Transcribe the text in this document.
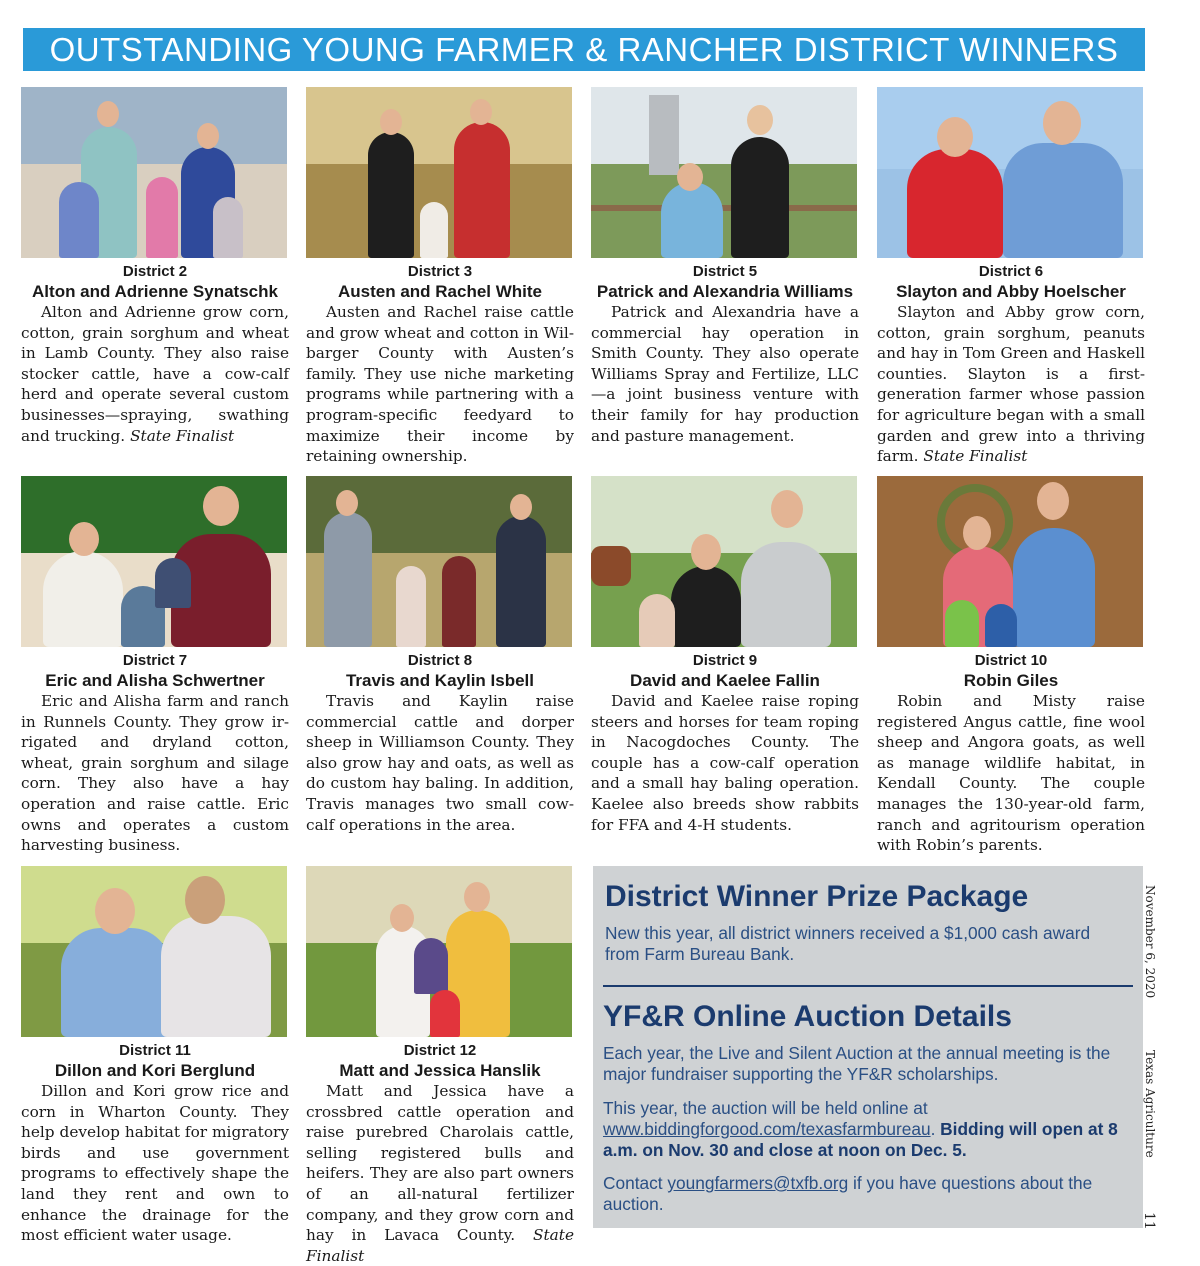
OUTSTANDING YOUNG FARMER & RANCHER DISTRICT WINNERS
District 2
Alton and Adrienne Synatschk
Alton and Adrienne grow corn, cotton, grain sorghum and wheat in Lamb County. They also raise stocker cattle, have a cow-calf herd and operate several custom businesses—spraying, swathing and trucking. State Finalist
District 3
Austen and Rachel White
Austen and Rachel raise cattle and grow wheat and cotton in Wilbarger County with Austen’s family. They use niche marketing programs while partnering with a program-specific feedyard to maximize their income by retaining ownership.
District 5
Patrick and Alexandria Williams
Patrick and Alexandria have a commercial hay operation in Smith County. They also operate Williams Spray and Fertilize, LLC—a joint business venture with their family for hay production and pasture management.
District 6
Slayton and Abby Hoelscher
Slayton and Abby grow corn, cotton, grain sorghum, peanuts and hay in Tom Green and Haskell counties. Slayton is a first-generation farmer whose passion for agriculture began with a small garden and grew into a thriving farm. State Finalist
District 7
Eric and Alisha Schwertner
Eric and Alisha farm and ranch in Runnels County. They grow irrigated and dryland cotton, wheat, grain sorghum and silage corn. They also have a hay operation and raise cattle. Eric owns and operates a custom harvesting business.
District 8
Travis and Kaylin Isbell
Travis and Kaylin raise commercial cattle and dorper sheep in Williamson County. They also grow hay and oats, as well as do custom hay baling. In addition, Travis manages two small cow-calf operations in the area.
District 9
David and Kaelee Fallin
David and Kaelee raise roping steers and horses for team roping in Nacogdoches County. The couple has a cow-calf operation and a small hay baling operation. Kaelee also breeds show rabbits for FFA and 4-H students.
District 10
Robin Giles
Robin and Misty raise registered Angus cattle, fine wool sheep and Angora goats, as well as manage wildlife habitat, in Kendall County. The couple manages the 130-year-old farm, ranch and agritourism operation with Robin’s parents.
District 11
Dillon and Kori Berglund
Dillon and Kori grow rice and corn in Wharton County. They help develop habitat for migratory birds and use government programs to effectively shape the land they rent and own to enhance the drainage for the most efficient water usage.
District 12
Matt and Jessica Hanslik
Matt and Jessica have a crossbred cattle operation and raise purebred Charolais cattle, selling registered bulls and heifers. They are also part owners of an all-natural fertilizer company, and they grow corn and hay in Lavaca County. State Finalist
District Winner Prize Package

New this year, all district winners received a $1,000 cash award from Farm Bureau Bank.

YF&R Online Auction Details

Each year, the Live and Silent Auction at the annual meeting is the major fundraiser supporting the YF&R scholarships.

This year, the auction will be held online at www.biddingforgood.com/texasfarmbureau. Bidding will open at 8 a.m. on Nov. 30 and close at noon on Dec. 5.

Contact youngfarmers@txfb.org if you have questions about the auction.

November 6, 2020
Texas Agriculture
11
